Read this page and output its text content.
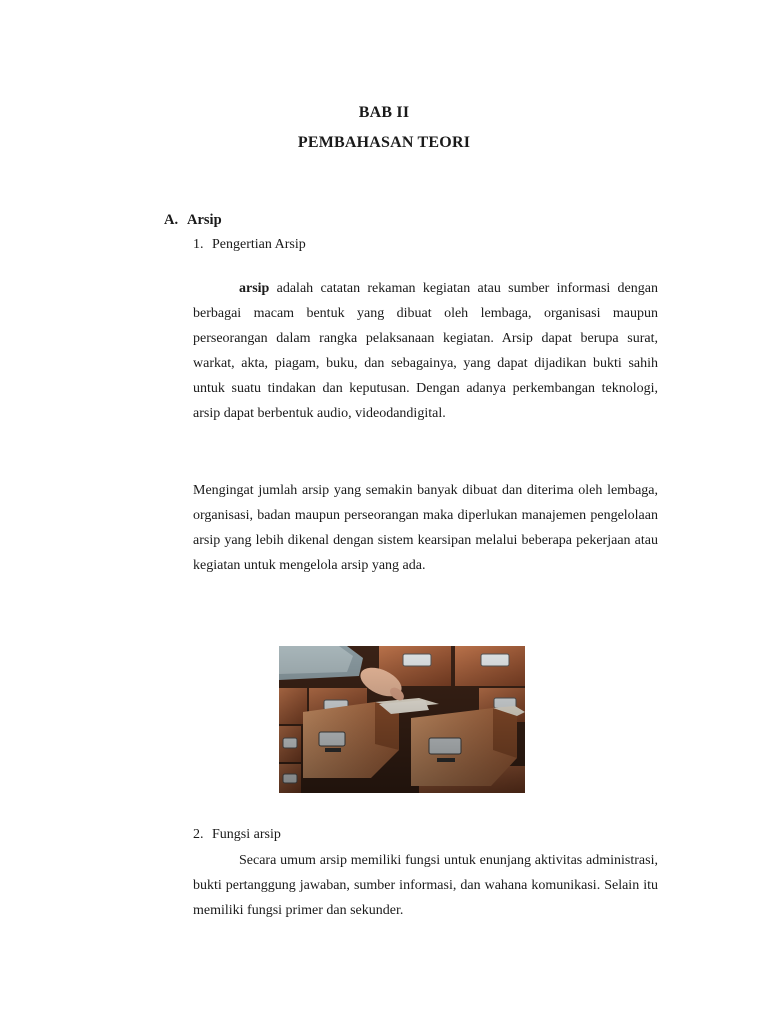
BAB II
PEMBAHASAN TEORI
A. Arsip
1. Pengertian Arsip
arsip adalah catatan rekaman kegiatan atau sumber informasi dengan berbagai macam bentuk yang dibuat oleh lembaga, organisasi maupun perseorangan dalam rangka pelaksanaan kegiatan. Arsip dapat berupa surat, warkat, akta, piagam, buku, dan sebagainya, yang dapat dijadikan bukti sahih untuk suatu tindakan dan keputusan. Dengan adanya perkembangan teknologi, arsip dapat berbentuk audio, videodandigital.
Mengingat jumlah arsip yang semakin banyak dibuat dan diterima oleh lembaga, organisasi, badan maupun perseorangan maka diperlukan manajemen pengelolaan arsip yang lebih dikenal dengan sistem kearsipan melalui beberapa pekerjaan atau kegiatan untuk mengelola arsip yang ada.
2. Fungsi arsip
Secara umum arsip memiliki fungsi untuk enunjang aktivitas administrasi, bukti pertanggung jawaban, sumber informasi, dan wahana komunikasi. Selain itu memiliki fungsi primer dan sekunder.
